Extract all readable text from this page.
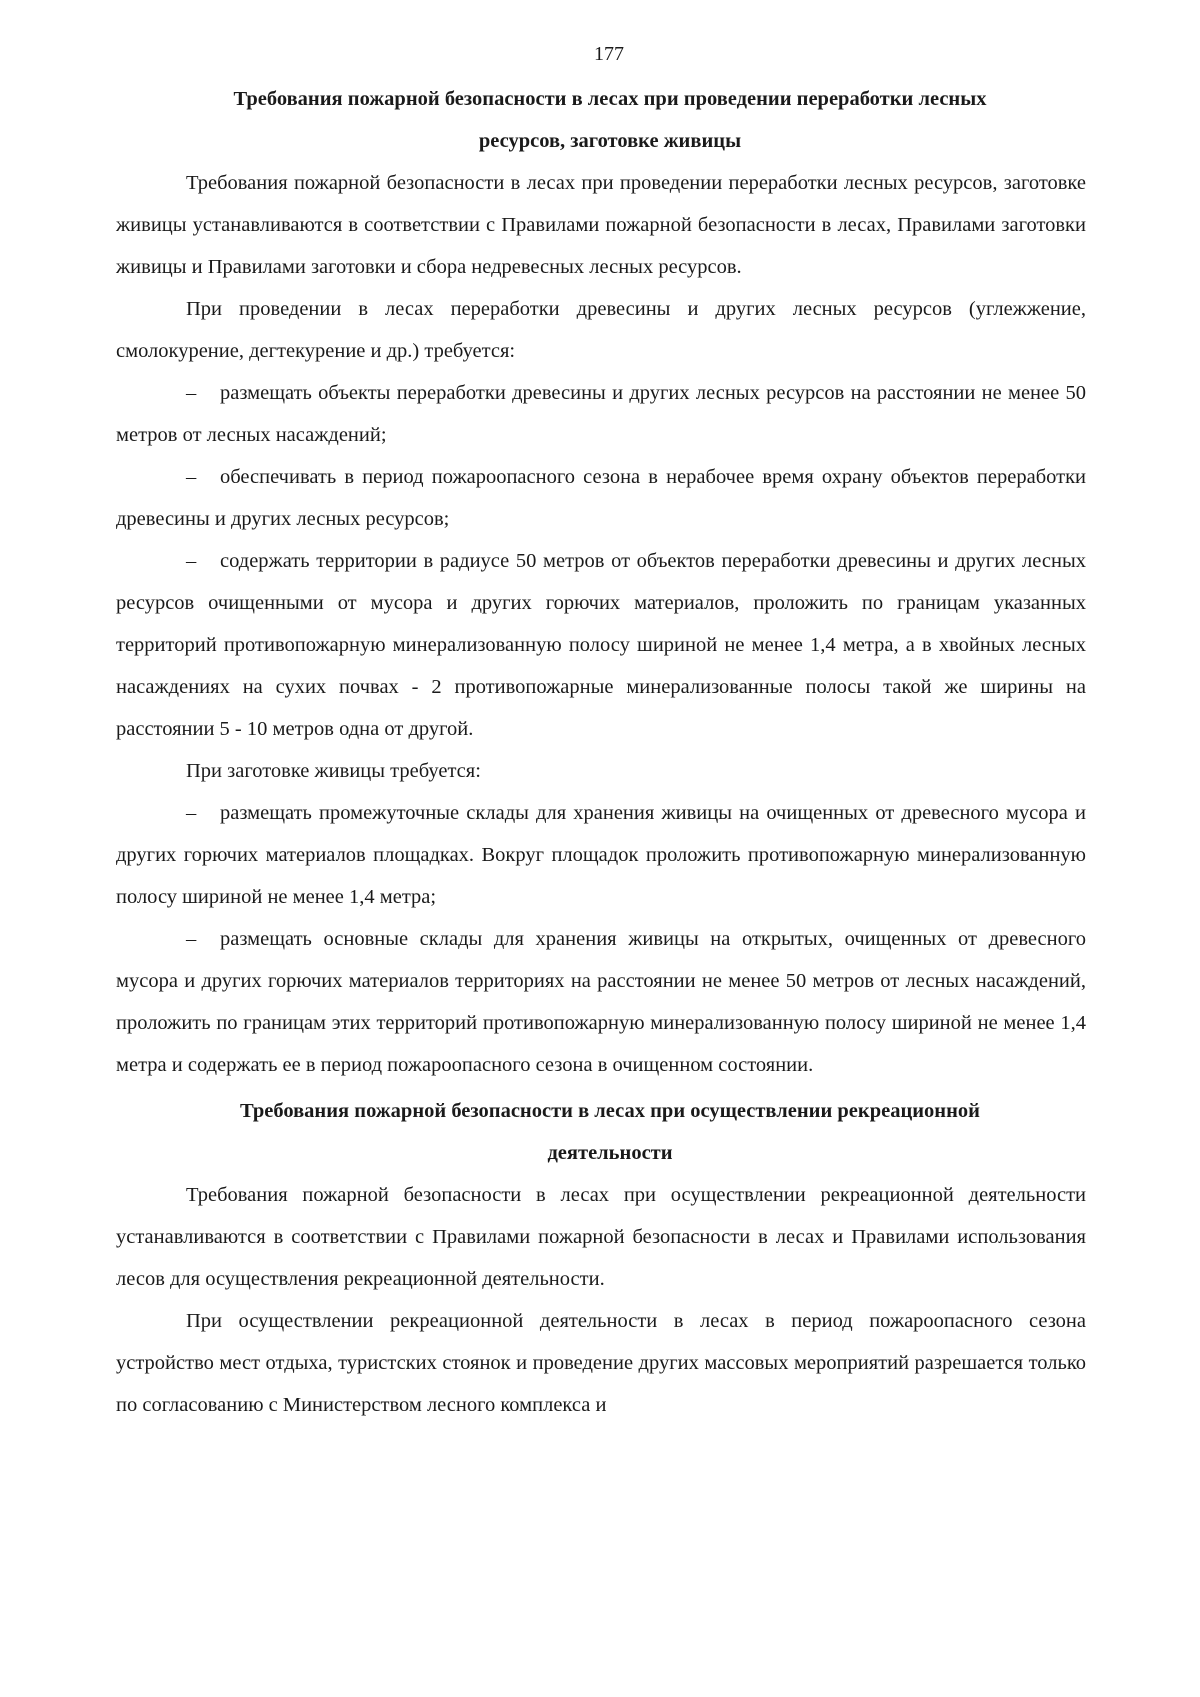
177
Требования пожарной безопасности в лесах при проведении переработки лесных
ресурсов, заготовке живицы

Требования пожарной безопасности в лесах при проведении переработки лесных ресурсов, заготовке живицы устанавливаются в соответствии с Правилами пожарной безопасности в лесах, Правилами заготовки живицы и Правилами заготовки и сбора недревесных лесных ресурсов.

При проведении в лесах переработки древесины и других лесных ресурсов (углежжение, смолокурение, дегтекурение и др.) требуется:

– размещать объекты переработки древесины и других лесных ресурсов на расстоянии не менее 50 метров от лесных насаждений;

– обеспечивать в период пожароопасного сезона в нерабочее время охрану объектов переработки древесины и других лесных ресурсов;

– содержать территории в радиусе 50 метров от объектов переработки древесины и других лесных ресурсов очищенными от мусора и других горючих материалов, проложить по границам указанных территорий противопожарную минерализованную полосу шириной не менее 1,4 метра, а в хвойных лесных насаждениях на сухих почвах - 2 противопожарные минерализованные полосы такой же ширины на расстоянии 5 - 10 метров одна от другой.

При заготовке живицы требуется:

– размещать промежуточные склады для хранения живицы на очищенных от древесного мусора и других горючих материалов площадках. Вокруг площадок проложить противопожарную минерализованную полосу шириной не менее 1,4 метра;

– размещать основные склады для хранения живицы на открытых, очищенных от древесного мусора и других горючих материалов территориях на расстоянии не менее 50 метров от лесных насаждений, проложить по границам этих территорий противопожарную минерализованную полосу шириной не менее 1,4 метра и содержать ее в период пожароопасного сезона в очищенном состоянии.

Требования пожарной безопасности в лесах при осуществлении рекреационной
деятельности

Требования пожарной безопасности в лесах при осуществлении рекреационной деятельности устанавливаются в соответствии с Правилами пожарной безопасности в лесах и Правилами использования лесов для осуществления рекреационной деятельности.

При осуществлении рекреационной деятельности в лесах в период пожароопасного сезона устройство мест отдыха, туристских стоянок и проведение других массовых мероприятий разрешается только по согласованию с Министерством лесного комплекса и
